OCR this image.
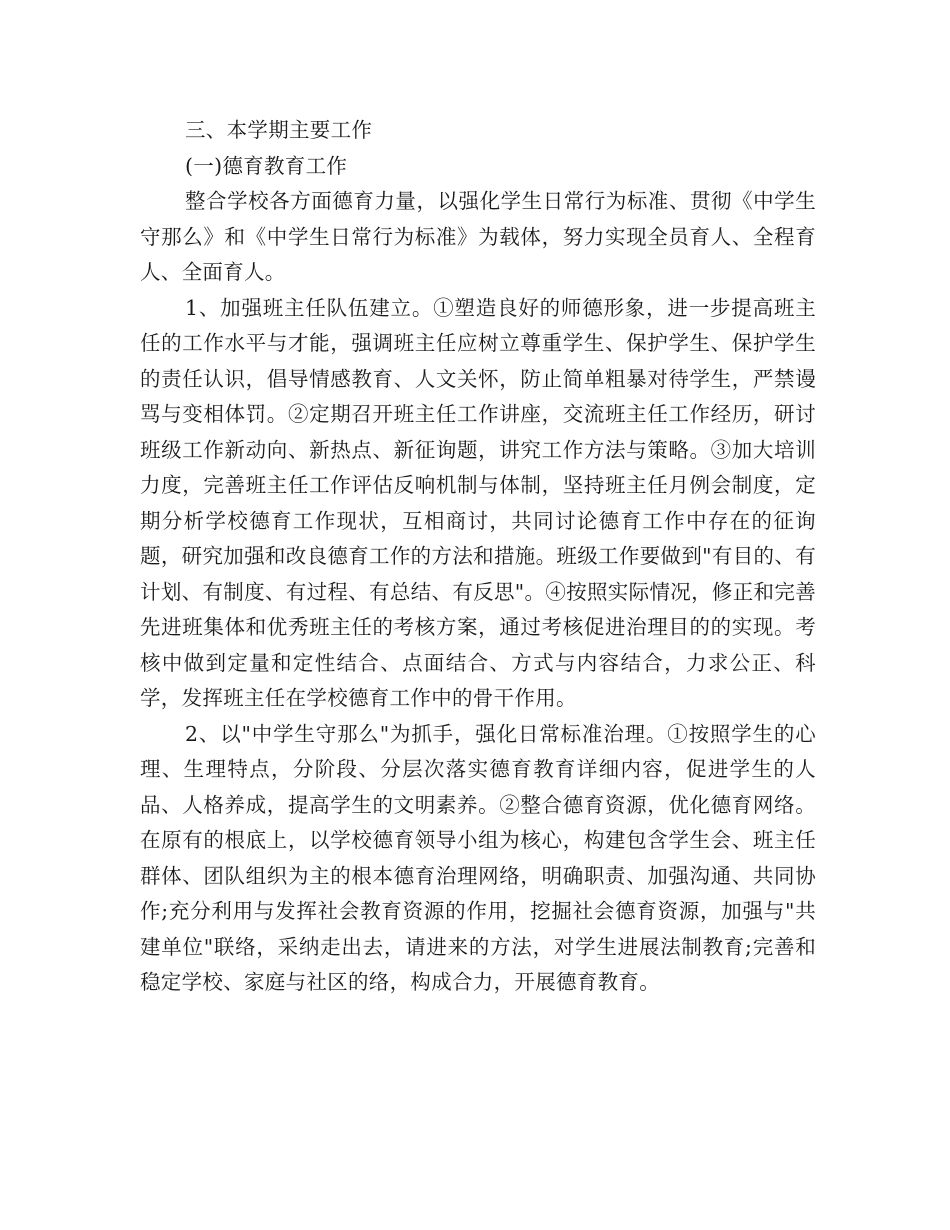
三、本学期主要工作

(一)德育教育工作

整合学校各方面德育力量，以强化学生日常行为标准、贯彻《中学生守那么》和《中学生日常行为标准》为载体，努力实现全员育人、全程育人、全面育人。

1、加强班主任队伍建立。①塑造良好的师德形象，进一步提高班主任的工作水平与才能，强调班主任应树立尊重学生、保护学生、保护学生的责任认识，倡导情感教育、人文关怀，防止简单粗暴对待学生，严禁谩骂与变相体罚。②定期召开班主任工作讲座，交流班主任工作经历，研讨班级工作新动向、新热点、新征询题，讲究工作方法与策略。③加大培训力度，完善班主任工作评估反响机制与体制，坚持班主任月例会制度，定期分析学校德育工作现状，互相商讨，共同讨论德育工作中存在的征询题，研究加强和改良德育工作的方法和措施。班级工作要做到"有目的、有计划、有制度、有过程、有总结、有反思"。④按照实际情况，修正和完善先进班集体和优秀班主任的考核方案，通过考核促进治理目的的实现。考核中做到定量和定性结合、点面结合、方式与内容结合，力求公正、科学，发挥班主任在学校德育工作中的骨干作用。

2、以"中学生守那么"为抓手，强化日常标准治理。①按照学生的心理、生理特点，分阶段、分层次落实德育教育详细内容，促进学生的人品、人格养成，提高学生的文明素养。②整合德育资源，优化德育网络。在原有的根底上，以学校德育领导小组为核心，构建包含学生会、班主任群体、团队组织为主的根本德育治理网络，明确职责、加强沟通、共同协作;充分利用与发挥社会教育资源的作用，挖掘社会德育资源，加强与"共建单位"联络，采纳走出去，请进来的方法，对学生进展法制教育;完善和稳定学校、家庭与社区的络，构成合力，开展德育教育。
